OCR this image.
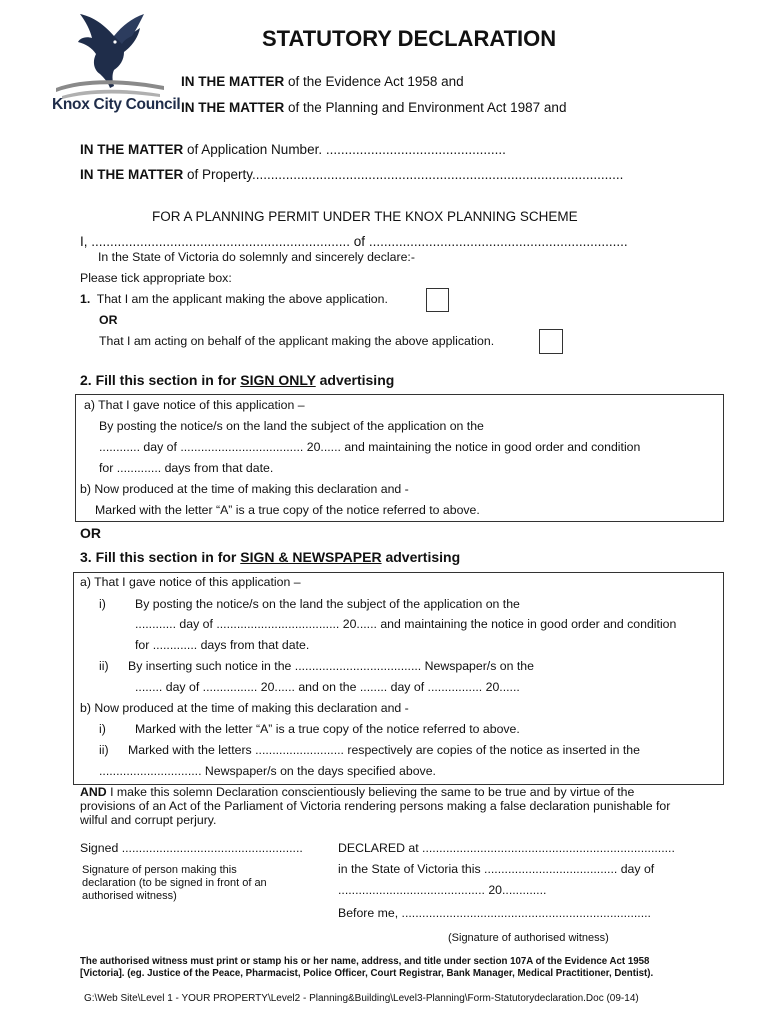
Knox City Council
STATUTORY DECLARATION
IN THE MATTER of the Evidence Act 1958 and
IN THE MATTER of the Planning and Environment Act 1987 and
IN THE MATTER of Application Number. ................................................
IN THE MATTER of Property...................................................................................................
FOR A PLANNING PERMIT UNDER THE KNOX PLANNING SCHEME
I, ..................................................................... of .....................................................................
In the State of Victoria do solemnly and sincerely declare:-
Please tick appropriate box:
1. That I am the applicant making the above application.
OR
That I am acting on behalf of the applicant making the above application.
2. Fill this section in for SIGN ONLY advertising
a) That I gave notice of this application –
By posting the notice/s on the land the subject of the application on the
............ day of .................................... 20...... and maintaining the notice in good order and condition
for ............. days from that date.
b) Now produced at the time of making this declaration and -
Marked with the letter “A” is a true copy of the notice referred to above.
OR
3. Fill this section in for SIGN & NEWSPAPER advertising
a) That I gave notice of this application –
i) By posting the notice/s on the land the subject of the application on the
............ day of .................................... 20...... and maintaining the notice in good order and condition
for ............. days from that date.
ii) By inserting such notice in the ..................................... Newspaper/s on the
........ day of ................ 20...... and on the ........ day of ................ 20......
b) Now produced at the time of making this declaration and -
i) Marked with the letter “A” is a true copy of the notice referred to above.
ii) Marked with the letters .......................... respectively are copies of the notice as inserted in the
.............................. Newspaper/s on the days specified above.
AND I make this solemn Declaration conscientiously believing the same to be true and by virtue of the
provisions of an Act of the Parliament of Victoria rendering persons making a false declaration punishable for
wilful and corrupt perjury.
Signed .....................................................	DECLARED at ..........................................................................
Signature of person making this
declaration (to be signed in front of an
authorised witness)
in the State of Victoria this ....................................... day of
........................................... 20.............
Before me, .........................................................................
(Signature of authorised witness)
The authorised witness must print or stamp his or her name, address, and title under section 107A of the Evidence Act 1958
[Victoria]. (eg. Justice of the Peace, Pharmacist, Police Officer, Court Registrar, Bank Manager, Medical Practitioner, Dentist).
G:\Web Site\Level 1 - YOUR PROPERTY\Level2 - Planning&Building\Level3-Planning\Form-Statutorydeclaration.Doc (09-14)
